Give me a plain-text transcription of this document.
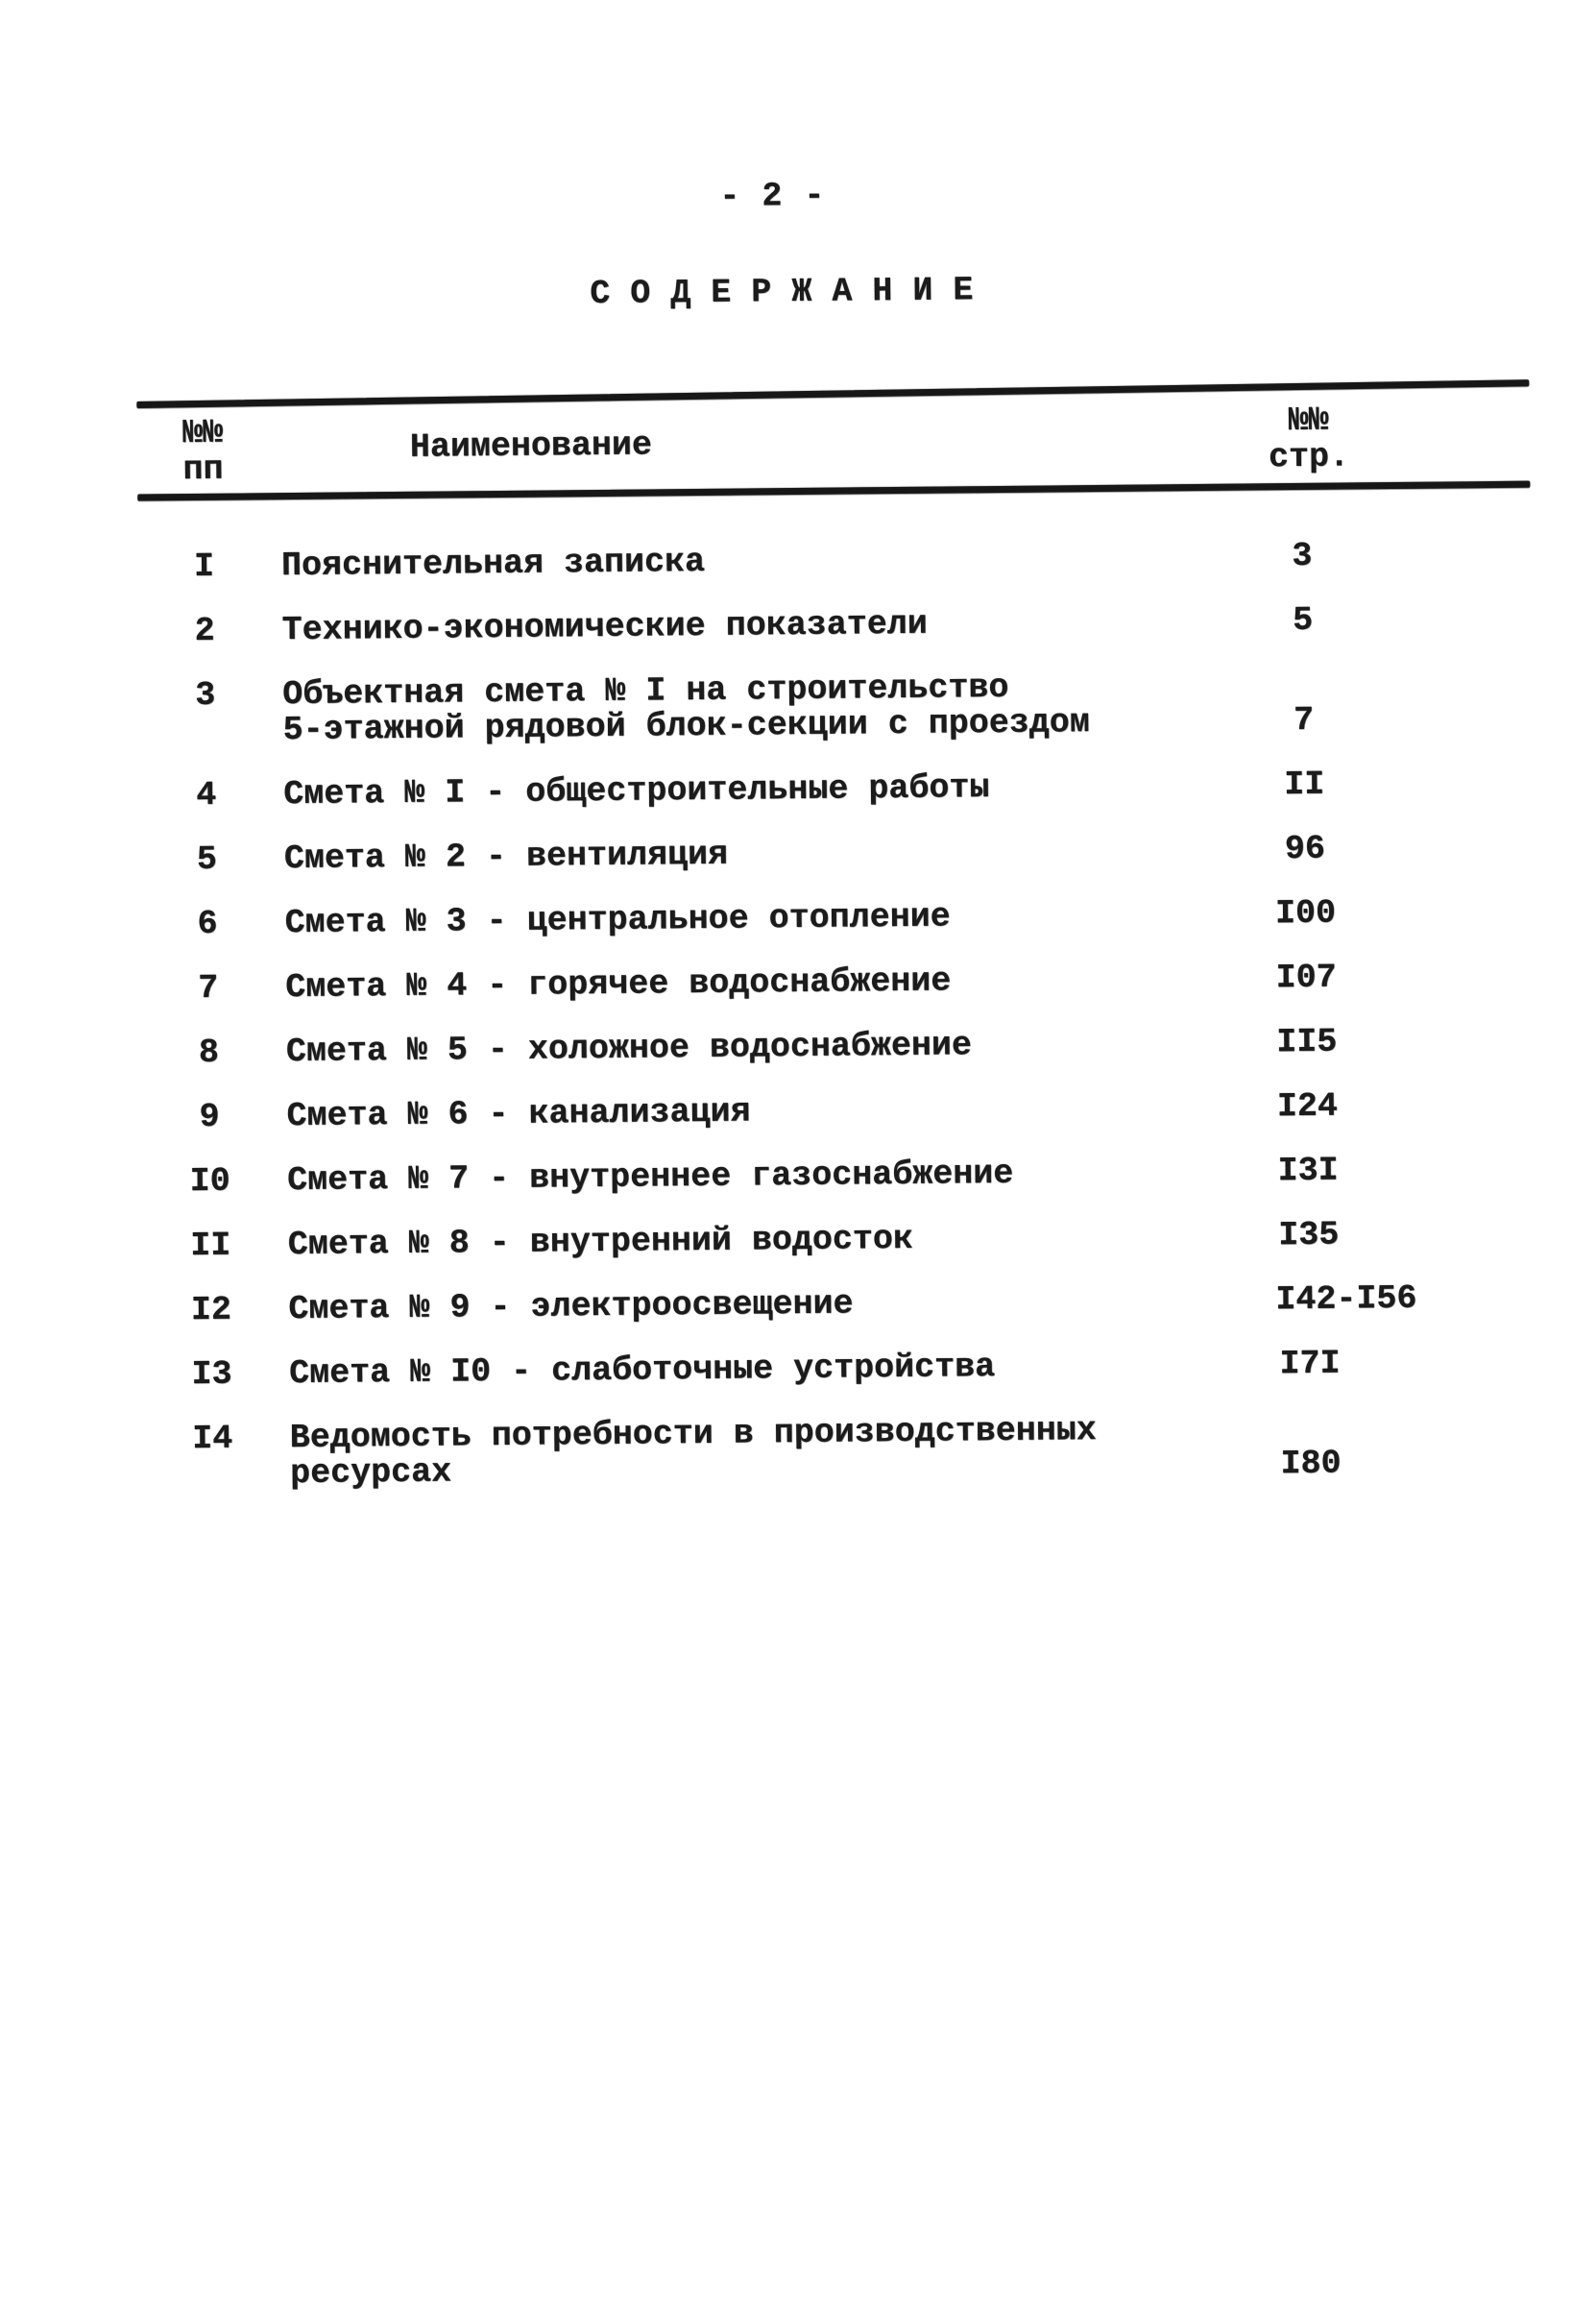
- 2 -
С О Д Е Р Ж А Н И Е
№№
пп
Наименование
№№
стр.
I	Пояснительная записка	3
2	Технико-экономические показатели	5
3	Объектная смета № I на строительство
5-этажной рядовой блок-секции с проездом	7
4	Смета № I - общестроительные работы	II
5	Смета № 2 - вентиляция	96
6	Смета № 3 - центральное отопление	I00
7	Смета № 4 - горячее водоснабжение	I07
8	Смета № 5 - холожное водоснабжение	II5
9	Смета № 6 - канализация	I24
I0 Смета № 7 - внутреннее газоснабжение	I3I
II Смета № 8 - внутренний водосток	I35
I2 Смета № 9 - электроосвещение	I42-I56
I3 Смета № I0 - слаботочные устройства	I7I
I4 Ведомость потребности в производственных
ресурсах	I80
